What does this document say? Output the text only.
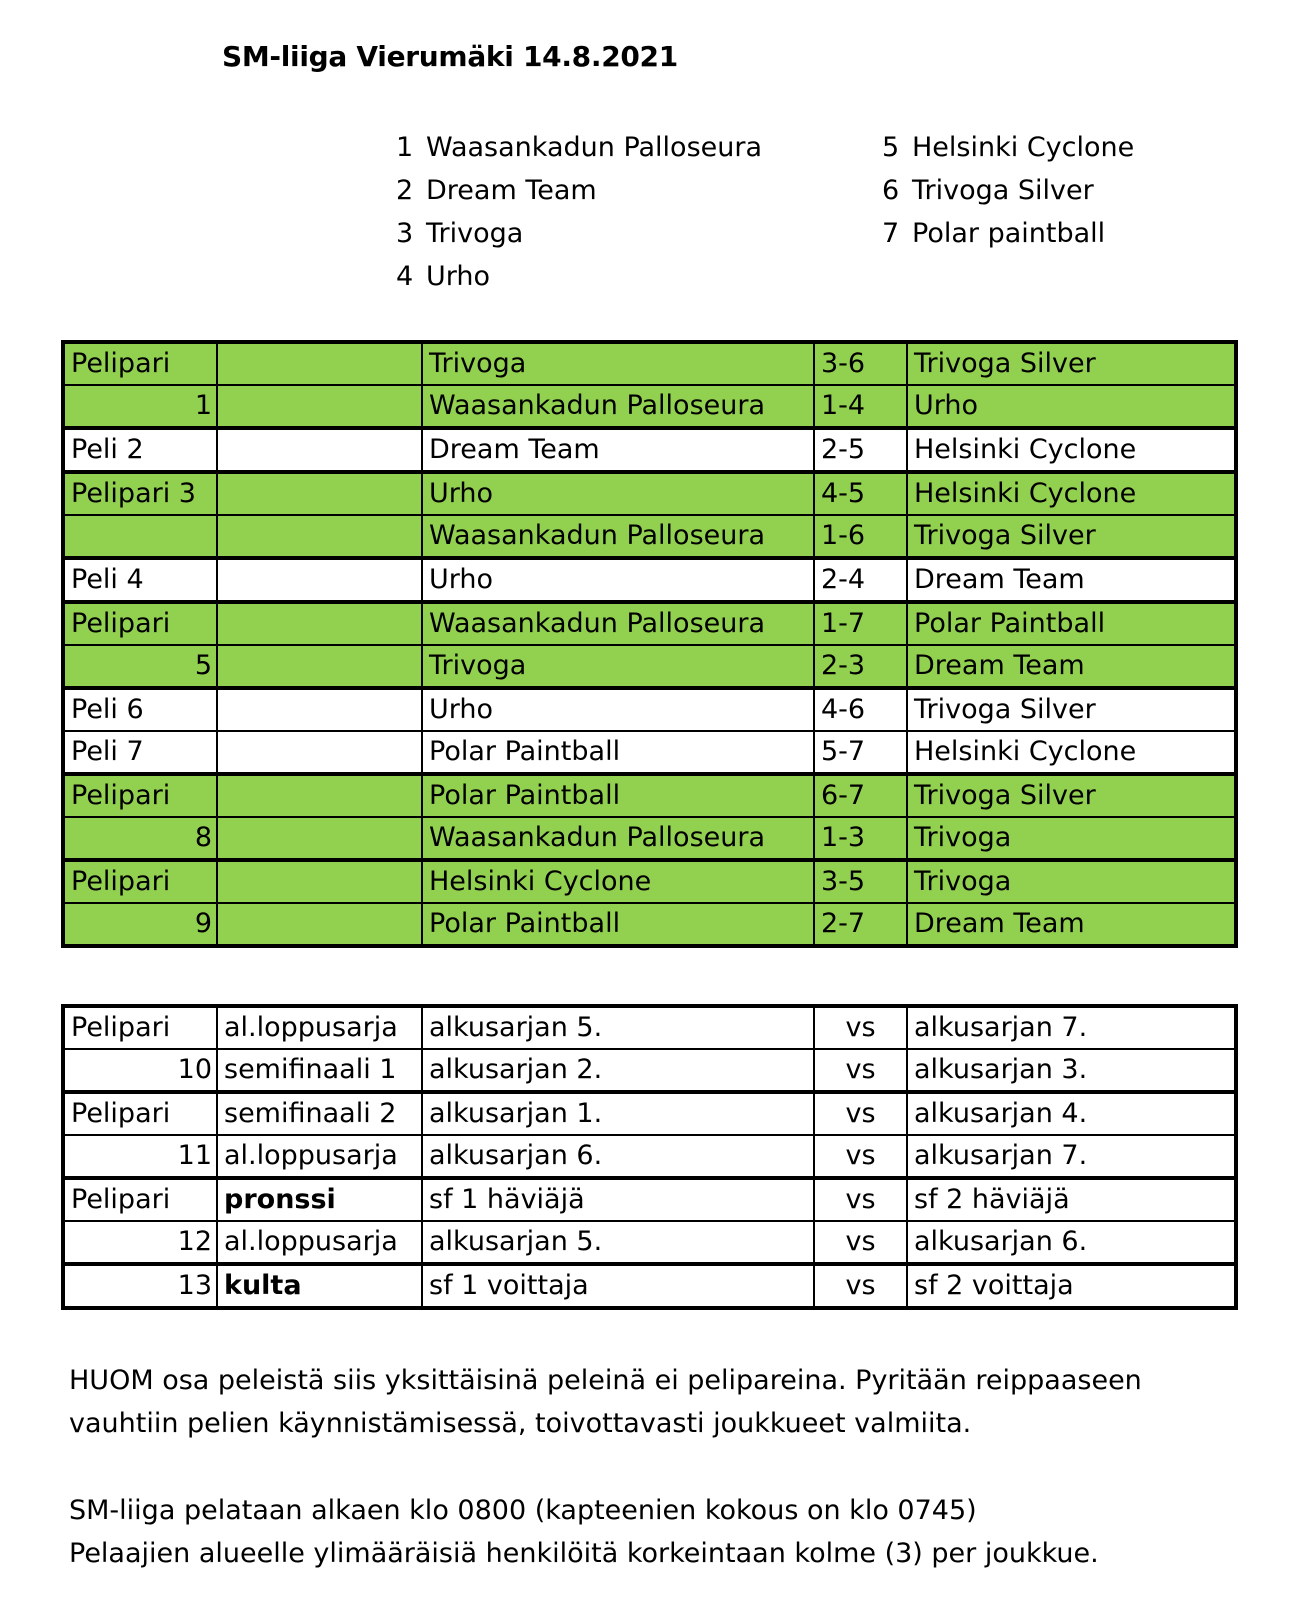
SM-liiga Vierumäki 14.8.2021
1 Waasankadun Palloseura
2 Dream Team
3 Trivoga
4 Urho
5 Helsinki Cyclone
6 Trivoga Silver
7 Polar paintball
Pelipari		Trivoga	3-6	Trivoga Silver
1		Waasankadun Palloseura	1-4	Urho
Peli 2		Dream Team	2-5	Helsinki Cyclone
Pelipari 3		Urho	4-5	Helsinki Cyclone
		Waasankadun Palloseura	1-6	Trivoga Silver
Peli 4		Urho	2-4	Dream Team
Pelipari		Waasankadun Palloseura	1-7	Polar Paintball
5		Trivoga	2-3	Dream Team
Peli 6		Urho	4-6	Trivoga Silver
Peli 7		Polar Paintball	5-7	Helsinki Cyclone
Pelipari		Polar Paintball	6-7	Trivoga Silver
8		Waasankadun Palloseura	1-3	Trivoga
Pelipari		Helsinki Cyclone	3-5	Trivoga
9		Polar Paintball	2-7	Dream Team
Pelipari	al.loppusarja	alkusarjan 5.	vs	alkusarjan 7.
10	semifinaali 1	alkusarjan 2.	vs	alkusarjan 3.
Pelipari	semifinaali 2	alkusarjan 1.	vs	alkusarjan 4.
11	al.loppusarja	alkusarjan 6.	vs	alkusarjan 7.
Pelipari	pronssi	sf 1 häviäjä	vs	sf 2 häviäjä
12	al.loppusarja	alkusarjan 5.	vs	alkusarjan 6.
13	kulta	sf 1 voittaja	vs	sf 2 voittaja
HUOM osa peleistä siis yksittäisinä peleinä ei pelipareina. Pyritään reippaaseen
vauhtiin pelien käynnistämisessä, toivottavasti joukkueet valmiita.
SM-liiga pelataan alkaen klo 0800 (kapteenien kokous on klo 0745)
Pelaajien alueelle ylimääräisiä henkilöitä korkeintaan kolme (3) per joukkue.
